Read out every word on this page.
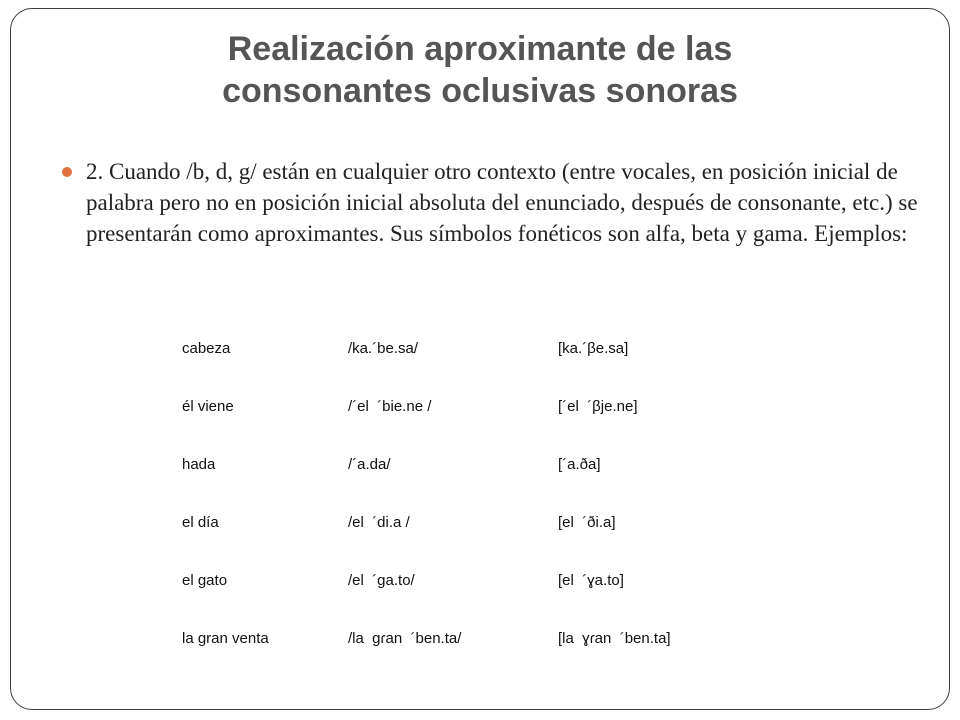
Realización aproximante de las
consonantes oclusivas sonoras
2. Cuando /b, d, g/ están en cualquier otro contexto (entre vocales, en posición inicial de palabra pero no en posición inicial absoluta del enunciado, después de consonante, etc.) se presentarán como aproximantes. Sus símbolos fonéticos son alfa, beta y gama. Ejemplos:
cabeza	/ka.´be.sa/	[ka.´βe.sa]
él viene	/´el  ´bie.ne /	[´el  ´βje.ne]
hada	/´a.da/	[´a.ða]
el día	/el  ´di.a /	[el  ´ði.a]
el gato	/el  ´ga.to/	[el  ´ɣa.to]
la gran venta	/la  gɾan  ´ben.ta/	[la  ɣɾan  ´ben.ta]
